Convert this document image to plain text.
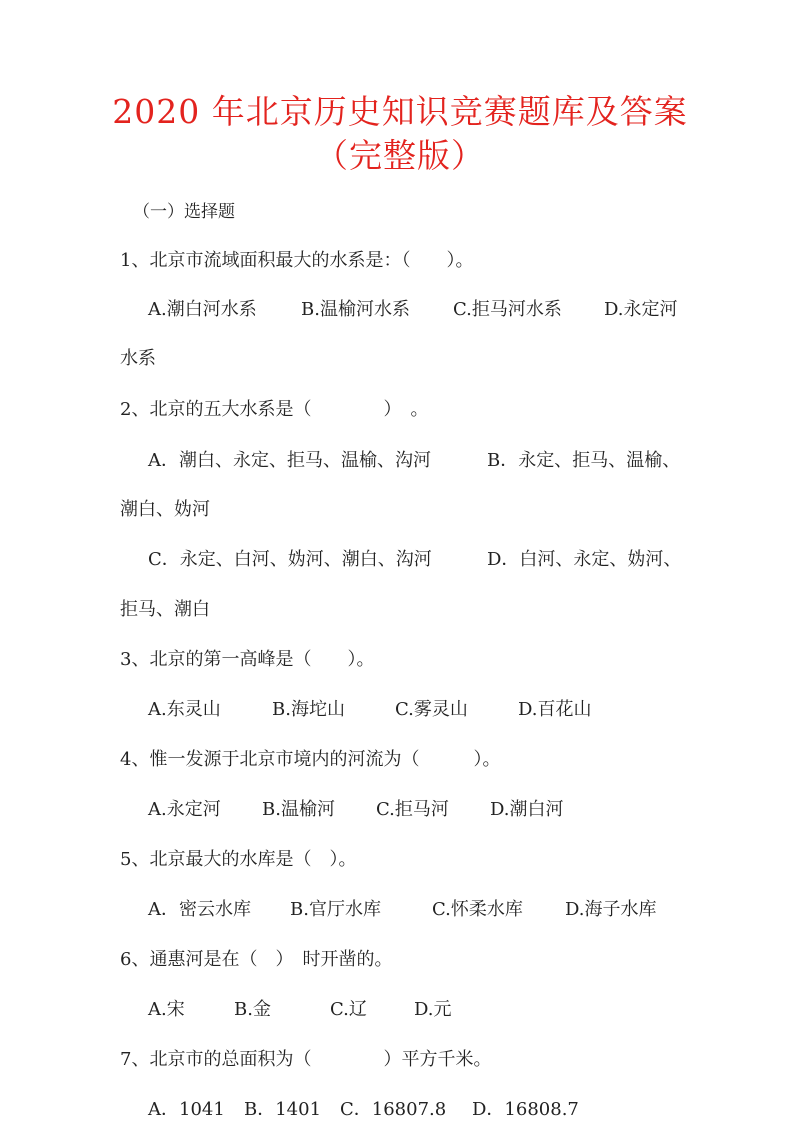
2020 年北京历史知识竞赛题库及答案
（完整版）
（一）选择题
1、北京市流域面积最大的水系是：（　　）。
A.潮白河水系 B.温榆河水系 C.拒马河水系 D.永定河
水系
2、北京的五大水系是（　　　　）　。
A．潮白、永定、拒马、温榆、沟河	B．永定、拒马、温榆、
潮白、妫河
C．永定、白河、妫河、潮白、沟河	D．白河、永定、妫河、
拒马、潮白
3、北京的第一高峰是（　　）。
A.东灵山	B.海坨山	C.雾灵山	D.百花山
4、惟一发源于北京市境内的河流为（　　　）。
A.永定河 B.温榆河 C.拒马河 D.潮白河
5、北京最大的水库是（　）。
A．密云水库 B.官厅水库	C.怀柔水库 D.海子水库
6、通惠河是在（　）　时开凿的。
A.宋	B.金	C.辽	D.元
7、北京市的总面积为（　　　　）平方千米。
A．1041 B．1401 C．16807.8 D．16808.7
